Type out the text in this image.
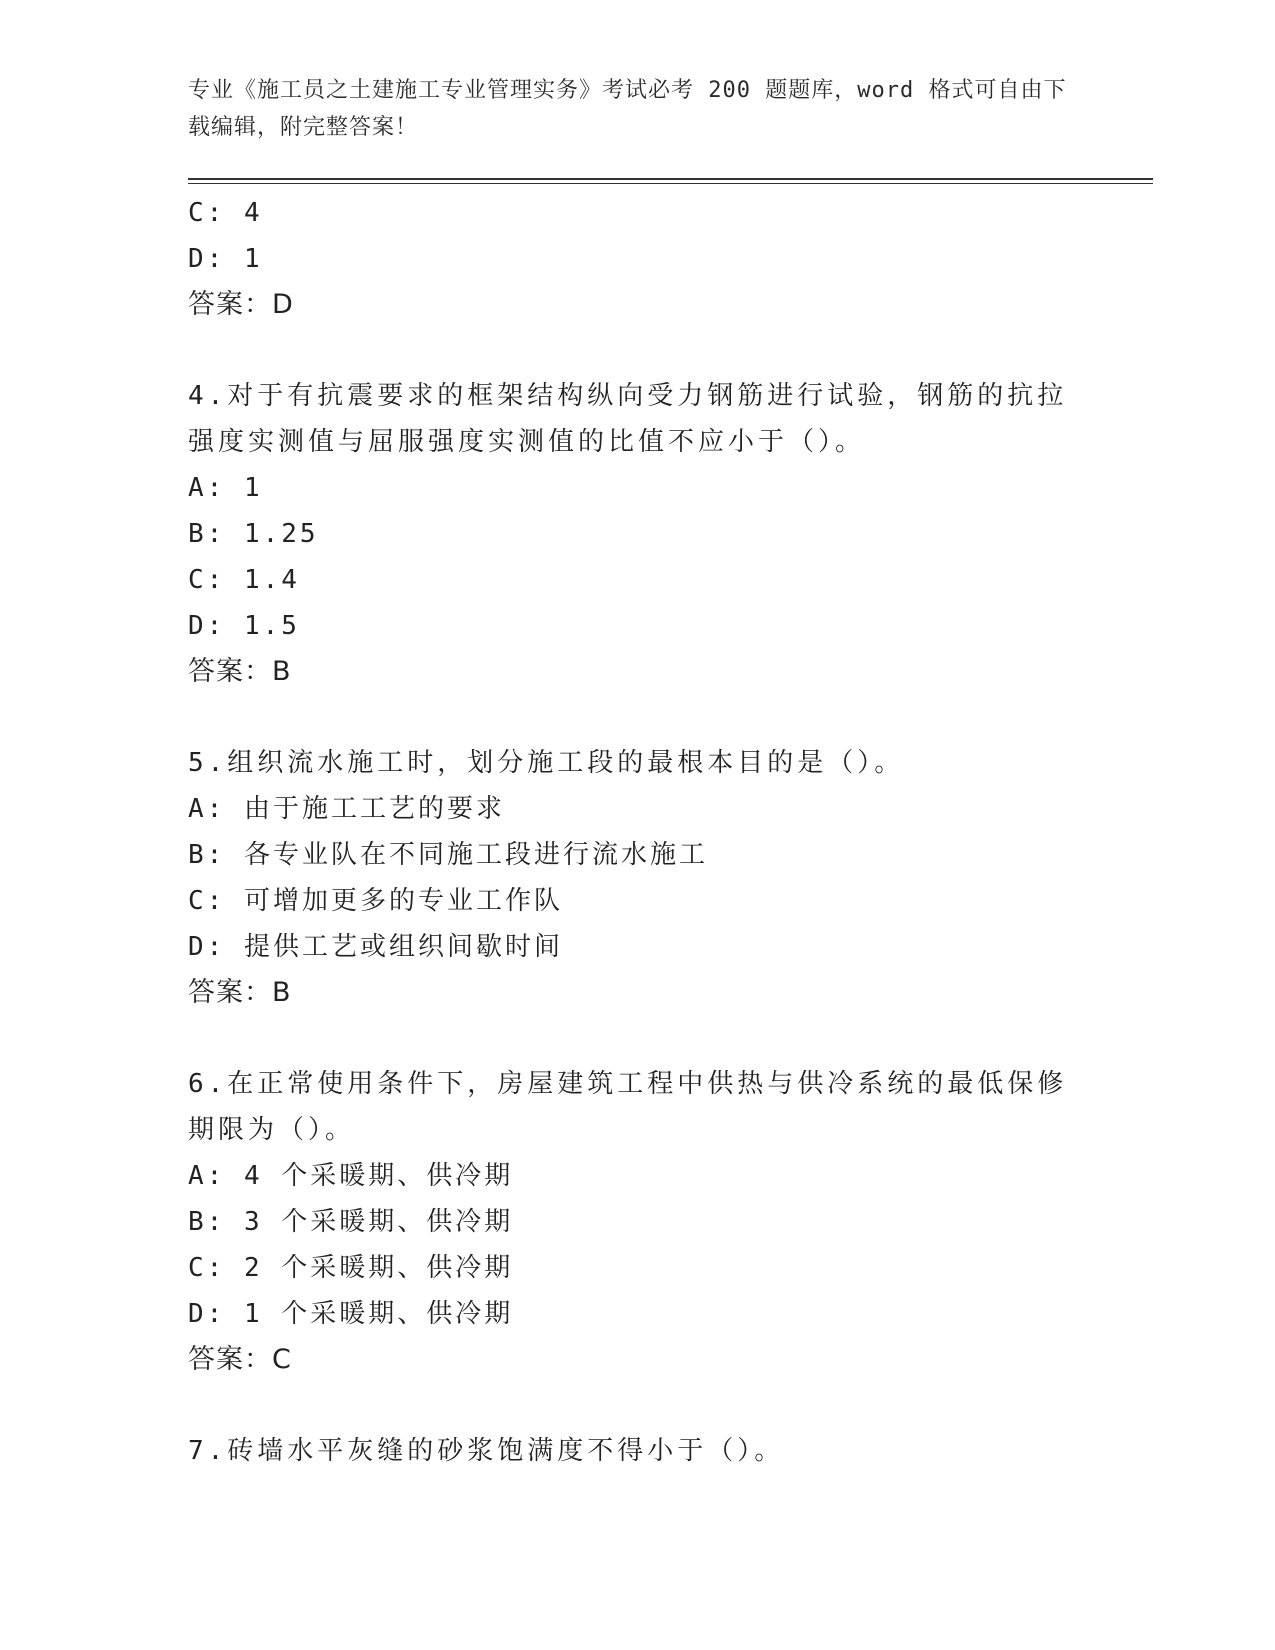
专业《施工员之土建施工专业管理实务》考试必考 200 题题库，word 格式可自由下载编辑，附完整答案！
C: 4
D: 1
答案：D
4.对于有抗震要求的框架结构纵向受力钢筋进行试验，钢筋的抗拉强度实测值与屈服强度实测值的比值不应小于（）。
A: 1
B: 1.25
C: 1.4
D: 1.5
答案：B
5.组织流水施工时，划分施工段的最根本目的是（）。
A: 由于施工工艺的要求
B: 各专业队在不同施工段进行流水施工
C: 可增加更多的专业工作队
D: 提供工艺或组织间歇时间
答案：B
6.在正常使用条件下，房屋建筑工程中供热与供冷系统的最低保修期限为（）。
A: 4 个采暖期、供冷期
B: 3 个采暖期、供冷期
C: 2 个采暖期、供冷期
D: 1 个采暖期、供冷期
答案：C
7.砖墙水平灰缝的砂浆饱满度不得小于（）。
